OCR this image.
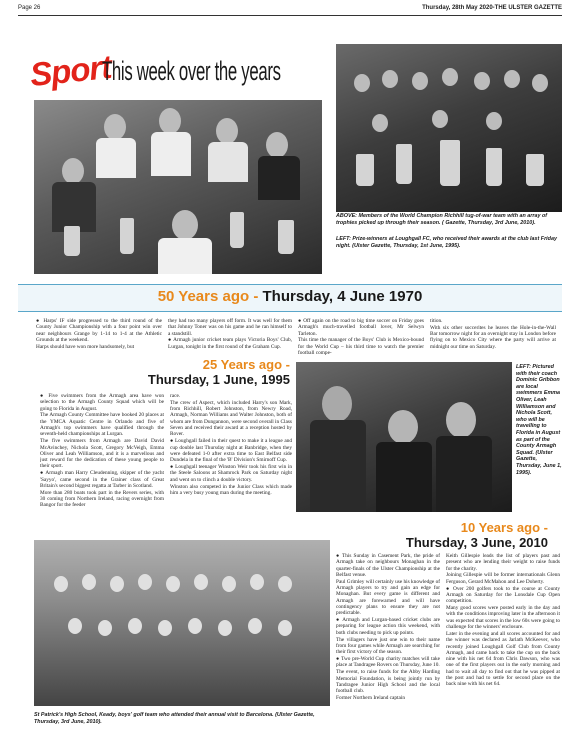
Page 26	Thursday, 28th May 2020-THE ULSTER GAZETTE
Sport
This week over the years
ABOVE: Members of the World Champion Richhill tug-of-war team with an array of trophies picked up through their season. ( Gazette, Thursday, 3rd June, 2010).
LEFT: Prize-winners at Loughgall FC, who received their awards at the club last Friday night. (Ulster Gazette, Thursday, 1st June, 1995).
50 Years ago - Thursday, 4 June 1970

● Harps' IF side progressed to the third round of the County Junior Championship with a four point win over near neighbours Grange by 1-14 to 1-4 at the Athletic Grounds at the weekend.

Harps should have won more handsomely, but

they had too many players off form. It was well for them that Johnny Toner was on his game and he ran himself to a standstill.

● Armagh junior cricket team plays Victoria Boys' Club, Lurgan, tonight in the first round of the Graham Cup.

● Off again on the road to big time soccer on Friday goes Armagh's much-travelled football lover, Mr Selwyn Tarleton.

This time the manager of the Boys' Club is Mexico-bound for the World Cup – his third time to watch the premier football compe-

tition.

With six other soccerites he leaves the Hole-in-the-Wall Bar tomorrow night for an overnight stay in London before flying on to Mexico City where the party will arrive at midnight our time on Saturday.

25 Years ago -
Thursday, 1 June, 1995

● Five swimmers from the Armagh area have won selection to the Armagh County Squad which will be going to Florida in August.

The Armagh County Committee have booked 20 places at the YMCA Aquatic Centre in Orlando and five of Armagh's top swimmers have qualified through the seventh-held championships at Lurgan.

The five swimmers from Armagh are David David McAvinchey, Nichola Scott, Gregory McVeigh, Emma Oliver and Leah Williamson, and it is a marvellous and just reward for the dedication of these young people to their sport.

● Armagh man Harry Cleudenning, skipper of the yacht 'Sayyo', came second in the Grainer class of Great Britain's second biggest regatta at Tarber in Scotland.

More than 280 boats took part in the Revers series, with 30 coming from Northern Ireland, racing overnight from Bangor for the feeder

race.

The crew of Aspect, which included Harry's son Mark, from Richhill, Robert Johnston, from Newry Road, Armagh, Norman Williams and Walter Johnston, both of whom are from Dungannon, were second overall in Class Seven and received their award at a reception hosted by Rover.

● Loughgall failed in their quest to make it a league and cup double last Thursday night at Banbridge, when they were defeated 1-0 after extra time to East Belfast side Dundela in the final of the 'B' Division's Smirnoff Cup.

● Loughgall teenager Winston Weir took his first win in the Steele Saloons at Shamrock Park on Saturday night and went on to clinch a double victory.

Winston also competed in the Junior Class which made him a very busy young man during the meeting.

LEFT: Pictured with their coach Dominic Gribbon are local swimmers Emma Oliver, Leah Williamson and Nichola Scott, who will be travelling to Florida in August as part of the County Armagh Squad. (Ulster Gazette, Thursday, June 1, 1995).
St Patrick's High School, Keady, boys' golf team who attended their annual visit to Barcelona. (Ulster Gazette, Thursday, 3rd June, 2010).
10 Years ago -
Thursday, 3 June, 2010

● This Sunday in Casement Park, the pride of Armagh take on neighbours Monaghan in the quarter-finals of the Ulster Championship at the Belfast venue.

Paul Grimley will certainly use his knowledge of Armagh players to try and gain an edge for Monaghan. But every game is different and Armagh are forewarned and will have contingency plans to ensure they are not predictable.

● Armagh and Lurgan-based cricket clubs are preparing for league action this weekend, with both clubs needing to pick up points.

The villagers have just one win to their name from four games while Armagh are searching for their first victory of the season.

● Two pre-World Cup charity matches will take place at Tandragee Rovers on Thursday, June 10.

The event, to raise funds for the Abby Harding Memorial Foundation, is being jointly run by Tandragee Junior High School and the local football club.

Former Northern Ireland captain

Keith Gillespie leads the list of players past and present who are lending their weight to raise funds for the charity.

Joining Gillespie will be former internationals Glenn Ferguson, Gerard McMahon and Lee Doherty.

● Over 200 golfers took to the course at County Armagh on Saturday for the Lonsdale Cup Open competition.

Many good scores were posted early in the day and with the conditions improving later in the afternoon it was expected that scores in the low 60s were going to challenge for the winners' enclosure.

Later in the evening and all scores accounted for and the winner was declared as Jarlath McKeever, who recently joined Loughgall Golf Club from County Armagh, and came back to take the cup on the back nine with his net 64 from Chris Dawson, who was one of the first players out in the early morning and had to wait all day to find out that he was pipped at the post and had to settle for second place on the back nine with his net 64.
